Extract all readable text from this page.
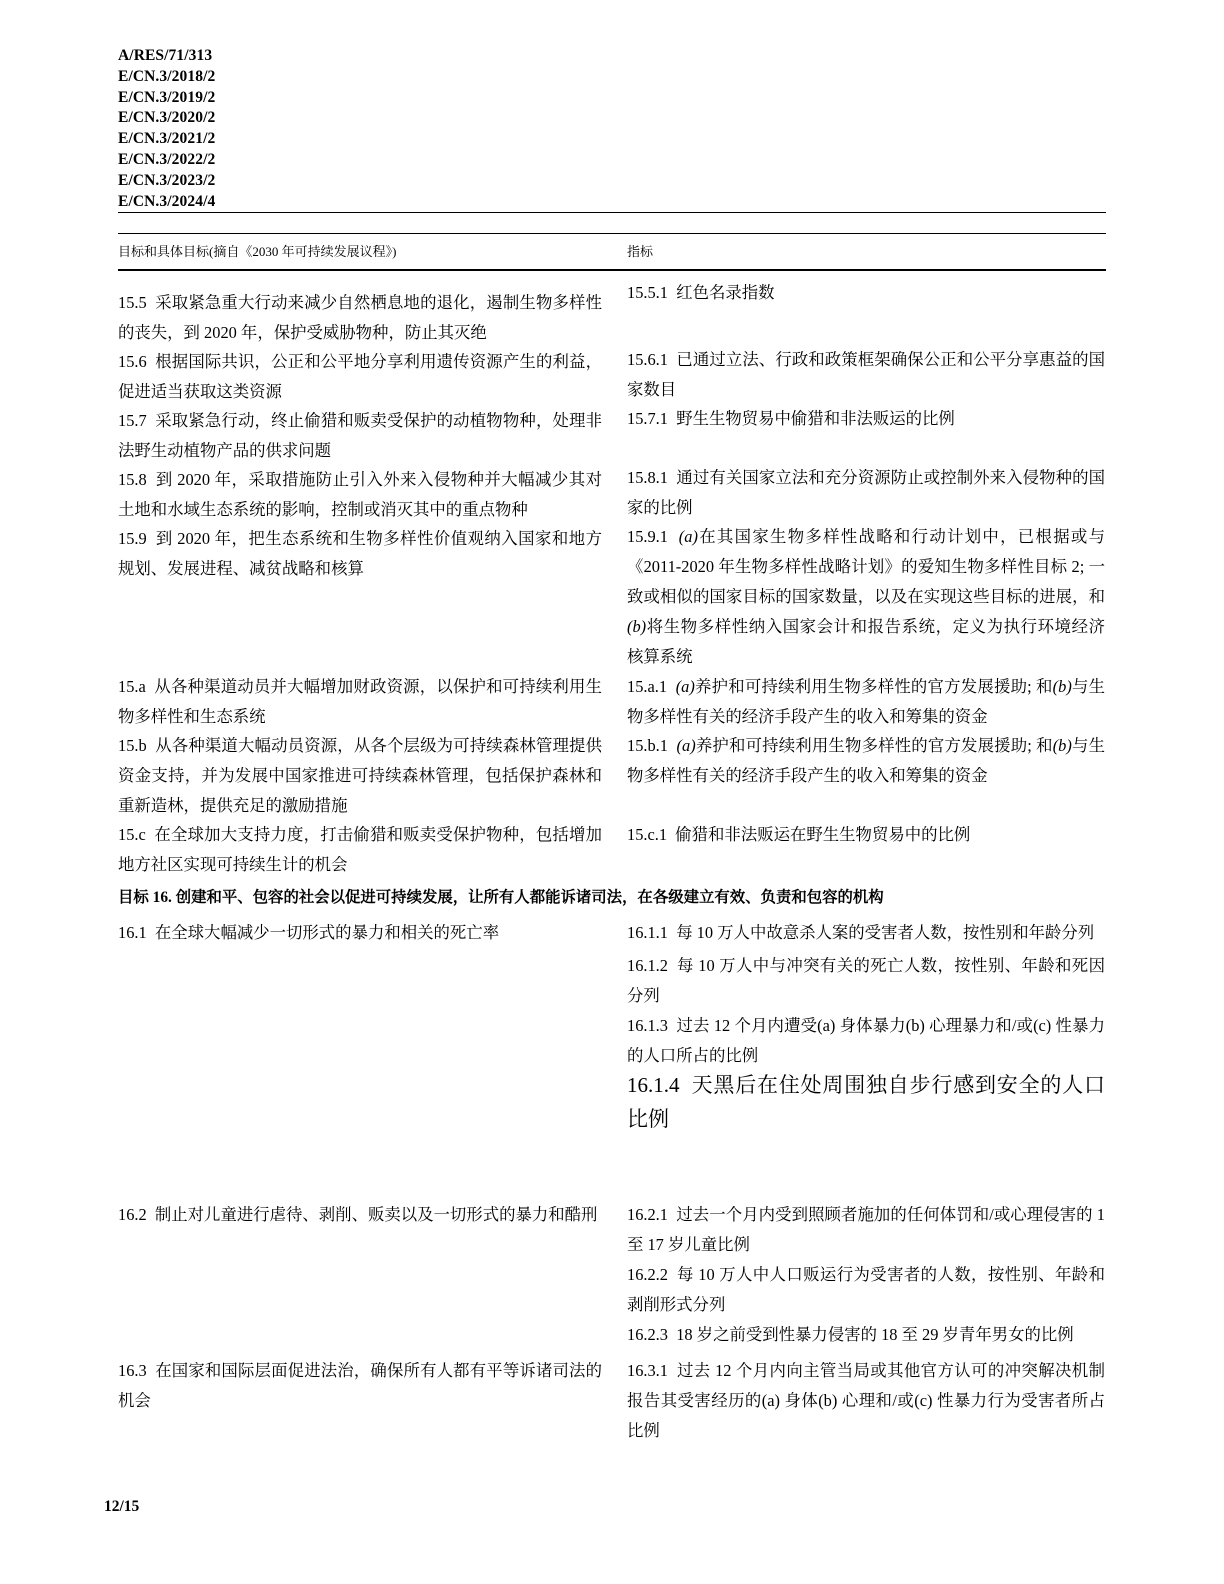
A/RES/71/313
E/CN.3/2018/2
E/CN.3/2019/2
E/CN.3/2020/2
E/CN.3/2021/2
E/CN.3/2022/2
E/CN.3/2023/2
E/CN.3/2024/4
目标和具体目标(摘自《2030 年可持续发展议程》)	指标
15.5 采取紧急重大行动来减少自然栖息地的退化，遏制生物多样性的丧失，到 2020 年，保护受威胁物种，防止其灭绝
15.5.1 红色名录指数
15.6 根据国际共识，公正和公平地分享利用遗传资源产生的利益，促进适当获取这类资源
15.6.1 已通过立法、行政和政策框架确保公正和公平分享惠益的国家数目
15.7 采取紧急行动，终止偷猎和贩卖受保护的动植物物种，处理非法野生动植物产品的供求问题
15.7.1 野生生物贸易中偷猎和非法贩运的比例
15.8 到 2020 年，采取措施防止引入外来入侵物种并大幅减少其对土地和水域生态系统的影响，控制或消灭其中的重点物种
15.8.1 通过有关国家立法和充分资源防止或控制外来入侵物种的国家的比例
15.9 到 2020 年，把生态系统和生物多样性价值观纳入国家和地方规划、发展进程、减贫战略和核算
15.9.1 (a)在其国家生物多样性战略和行动计划中，已根据或与《2011-2020 年生物多样性战略计划》的爱知生物多样性目标 2; 一致或相似的国家目标的国家数量，以及在实现这些目标的进展，和(b)将生物多样性纳入国家会计和报告系统，定义为执行环境经济核算系统
15.a 从各种渠道动员并大幅增加财政资源，以保护和可持续利用生物多样性和生态系统
15.a.1 (a)养护和可持续利用生物多样性的官方发展援助; 和(b)与生物多样性有关的经济手段产生的收入和筹集的资金
15.b 从各种渠道大幅动员资源，从各个层级为可持续森林管理提供资金支持，并为发展中国家推进可持续森林管理，包括保护森林和重新造林，提供充足的激励措施
15.b.1 (a)养护和可持续利用生物多样性的官方发展援助; 和(b)与生物多样性有关的经济手段产生的收入和筹集的资金
15.c 在全球加大支持力度，打击偷猎和贩卖受保护物种，包括增加地方社区实现可持续生计的机会
15.c.1 偷猎和非法贩运在野生生物贸易中的比例
目标 16. 创建和平、包容的社会以促进可持续发展，让所有人都能诉诸司法，在各级建立有效、负责和包容的机构
16.1 在全球大幅减少一切形式的暴力和相关的死亡率	16.1.1 每 10 万人中故意杀人案的受害者人数，按性别和年龄分列
16.1.2 每 10 万人中与冲突有关的死亡人数，按性别、年龄和死因分列
16.1.3 过去 12 个月内遭受(a) 身体暴力(b) 心理暴力和/或(c) 性暴力的人口所占的比例
16.1.4 天黑后在住处周围独自步行感到安全的人口比例
16.2 制止对儿童进行虐待、剥削、贩卖以及一切形式的暴力和酷刑 16.2.1 过去一个月内受到照顾者施加的任何体罚和/或心理侵害的 1 至 17 岁儿童比例
16.2.2 每 10 万人中人口贩运行为受害者的人数，按性别、年龄和剥削形式分列
16.2.3 18 岁之前受到性暴力侵害的 18 至 29 岁青年男女的比例
16.3 在国家和国际层面促进法治，确保所有人都有平等诉诸司法的机会
16.3.1 过去 12 个月内向主管当局或其他官方认可的冲突解决机制报告其受害经历的(a) 身体(b) 心理和/或(c) 性暴力行为受害者所占比例
12/15
